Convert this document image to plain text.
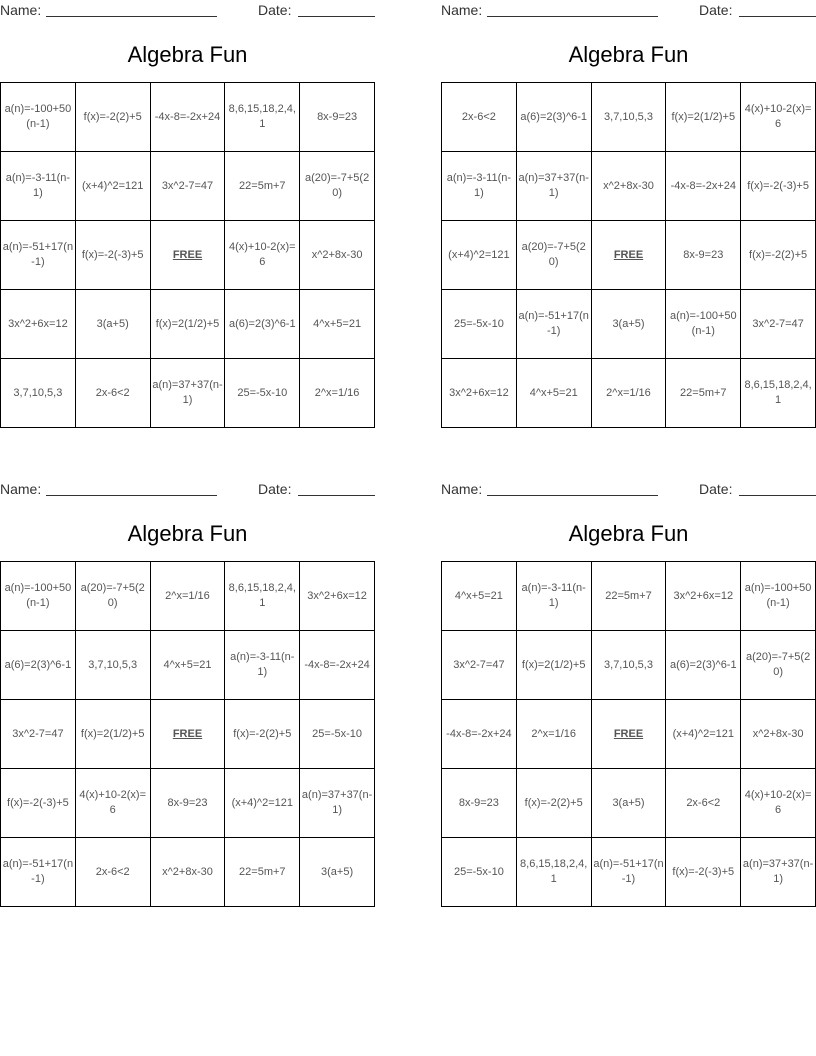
Name:	Date:
Algebra Fun
a(n)=-100+50(n-1)	f(x)=-2(2)+5	-4x-8=-2x+24	8,6,15,18,2,4,1	8x-9=23
a(n)=-3-11(n-1)	(x+4)^2=121	3x^2-7=47	22=5m+7	a(20)=-7+5(20)
a(n)=-51+17(n-1)	f(x)=-2(-3)+5	FREE	4(x)+10-2(x)=6	x^2+8x-30
3x^2+6x=12	3(a+5)	f(x)=2(1/2)+5	a(6)=2(3)^6-1	4^x+5=21
3,7,10,5,3	2x-6<2	a(n)=37+37(n-1)	25=-5x-10	2^x=1/16
Name:	Date:
Algebra Fun
2x-6<2	a(6)=2(3)^6-1	3,7,10,5,3	f(x)=2(1/2)+5	4(x)+10-2(x)=6
a(n)=-3-11(n-1)	a(n)=37+37(n-1)	x^2+8x-30	-4x-8=-2x+24	f(x)=-2(-3)+5
(x+4)^2=121	a(20)=-7+5(20)	FREE	8x-9=23	f(x)=-2(2)+5
25=-5x-10	a(n)=-51+17(n-1)	3(a+5)	a(n)=-100+50(n-1)	3x^2-7=47
3x^2+6x=12	4^x+5=21	2^x=1/16	22=5m+7	8,6,15,18,2,4,1
Name:	Date:
Algebra Fun
a(n)=-100+50(n-1)	a(20)=-7+5(20)	2^x=1/16	8,6,15,18,2,4,1	3x^2+6x=12
a(6)=2(3)^6-1	3,7,10,5,3	4^x+5=21	a(n)=-3-11(n-1)	-4x-8=-2x+24
3x^2-7=47	f(x)=2(1/2)+5	FREE	f(x)=-2(2)+5	25=-5x-10
f(x)=-2(-3)+5	4(x)+10-2(x)=6	8x-9=23	(x+4)^2=121	a(n)=37+37(n-1)
a(n)=-51+17(n-1)	2x-6<2	x^2+8x-30	22=5m+7	3(a+5)
Name:	Date:
Algebra Fun
4^x+5=21	a(n)=-3-11(n-1)	22=5m+7	3x^2+6x=12	a(n)=-100+50(n-1)
3x^2-7=47	f(x)=2(1/2)+5	3,7,10,5,3	a(6)=2(3)^6-1	a(20)=-7+5(20)
-4x-8=-2x+24	2^x=1/16	FREE	(x+4)^2=121	x^2+8x-30
8x-9=23	f(x)=-2(2)+5	3(a+5)	2x-6<2	4(x)+10-2(x)=6
25=-5x-10	8,6,15,18,2,4,1	a(n)=-51+17(n-1)	f(x)=-2(-3)+5	a(n)=37+37(n-1)
